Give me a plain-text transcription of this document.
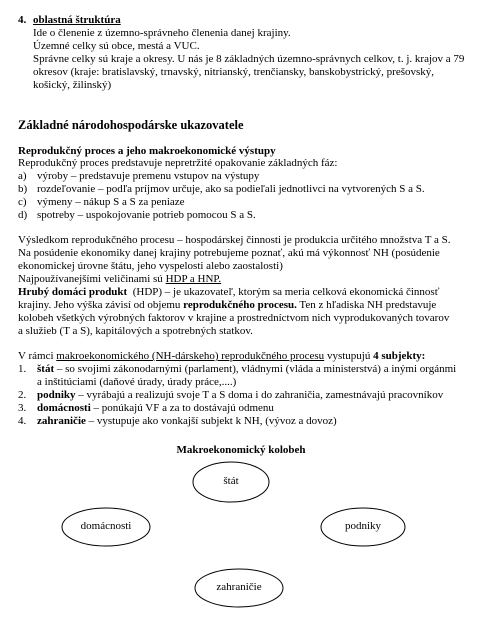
4. oblastná štruktúra
Ide o členenie z územno-správneho členenia danej krajiny.
Územné celky sú obce, mestá a VUC.
Správne celky sú kraje a okresy. U nás je 8 základných územno-správnych celkov, t. j. krajov a 79
okresov (kraje: bratislavský, trnavský, nitrianský, trenčiansky, banskobystrický, prešovský,
košický, žilinský)
Základné národohospodárske ukazovatele
Reprodukčný proces a jeho makroekonomické výstupy
Reprodukčný proces predstavuje nepretržité opakovanie základných fáz:
a) výroby – predstavuje premenu vstupov na výstupy
b) rozdeľovanie – podľa príjmov určuje, ako sa podieľali jednotlivci na vytvorených S a S.
c) výmeny – nákup S a S za peniaze
d) spotreby – uspokojovanie potrieb pomocou S a S.
Výsledkom reprodukčného procesu – hospodárskej činnosti je produkcia určitého množstva T a S.
Na posúdenie ekonomiky danej krajiny potrebujeme poznať, akú má výkonnosť NH (posúdenie
ekonomickej úrovne štátu, jeho vyspelosti alebo zaostalosti)
Najpoužívanejšími veličinami sú HDP a HNP.
Hrubý domáci produkt (HDP) – je ukazovateľ, ktorým sa meria celková ekonomická činnosť
krajiny. Jeho výška závisí od objemu reprodukčného procesu. Ten z hľadiska NH predstavuje
kolobeh všetkých výrobných faktorov v krajine a prostredníctvom nich vyprodukovaných tovarov
a služieb (T a S), kapitálových a spotrebných statkov.
V rámci makroekonomického (NH-dárskeho) reprodukčného procesu vystupujú 4 subjekty:
1. štát – so svojimi zákonodarnými (parlament), vládnymi (vláda a ministerstvá) a inými orgánmi
a inštitúciami (daňové úrady, úrady práce,....)
2. podniky – vyrábajú a realizujú svoje T a S doma i do zahraničia, zamestnávajú pracovníkov
3. domácnosti – ponúkajú VF a za to dostávajú odmenu
4. zahraničie – vystupuje ako vonkajší subjekt k NH, (vývoz a dovoz)
Makroekonomický kolobeh
štát
domácnosti	podniky
zahraničie
